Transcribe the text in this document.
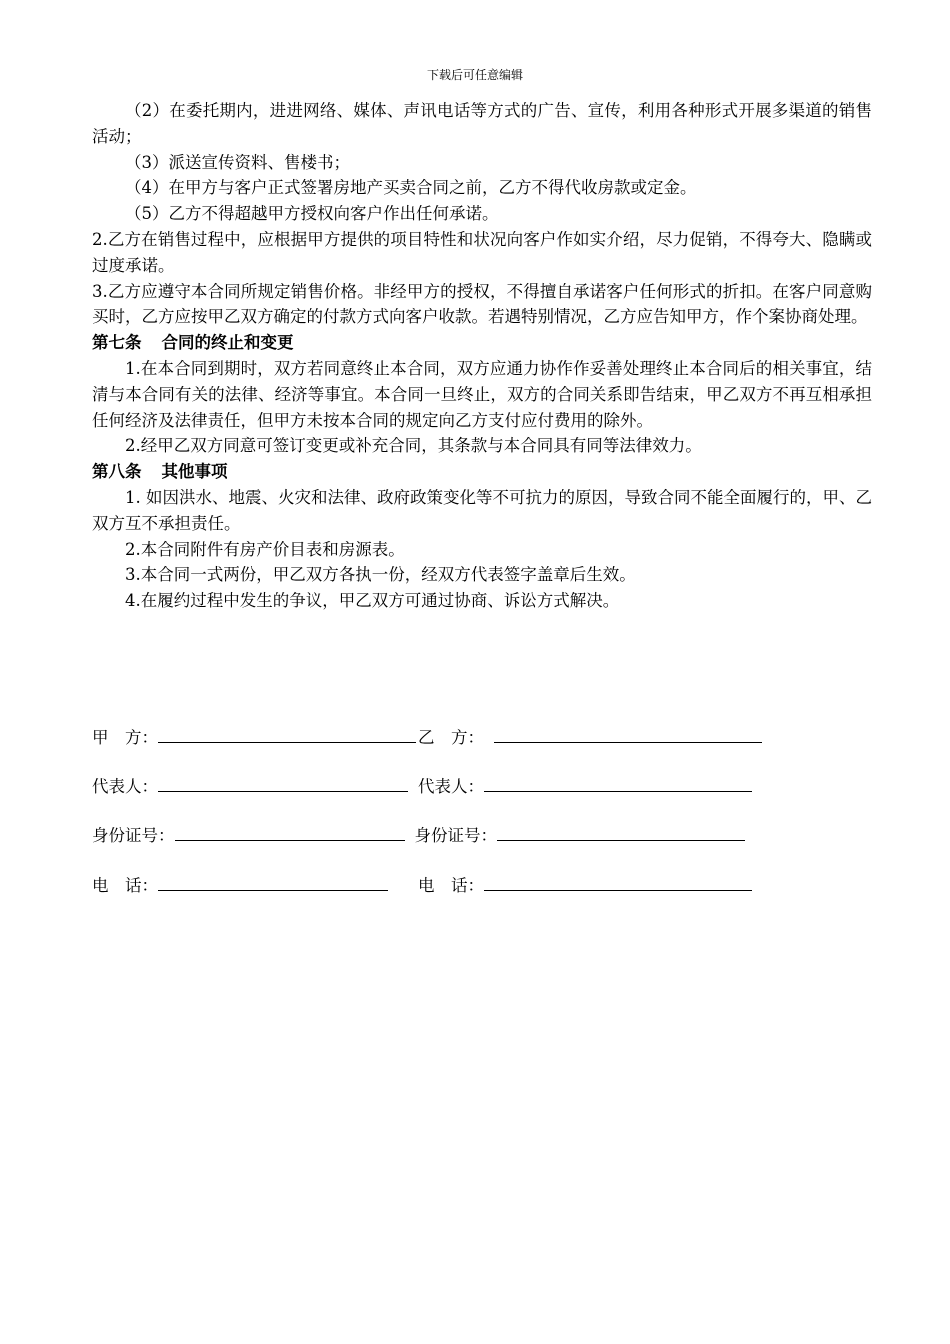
下载后可任意编辑

（2）在委托期内，进进网络、媒体、声讯电话等方式的广告、宣传，利用各种形式开展多渠道的销售活动；

（3）派送宣传资料、售楼书；

（4）在甲方与客户正式签署房地产买卖合同之前，乙方不得代收房款或定金。

（5）乙方不得超越甲方授权向客户作出任何承诺。

2.乙方在销售过程中，应根据甲方提供的项目特性和状况向客户作如实介绍，尽力促销，不得夸大、隐瞒或过度承诺。

3.乙方应遵守本合同所规定销售价格。非经甲方的授权，不得擅自承诺客户任何形式的折扣。在客户同意购买时，乙方应按甲乙双方确定的付款方式向客户收款。若遇特别情况，乙方应告知甲方，作个案协商处理。

第七条 合同的终止和变更

1.在本合同到期时，双方若同意终止本合同，双方应通力协作作妥善处理终止本合同后的相关事宜，结清与本合同有关的法律、经济等事宜。本合同一旦终止，双方的合同关系即告结束，甲乙双方不再互相承担任何经济及法律责任，但甲方未按本合同的规定向乙方支付应付费用的除外。

2.经甲乙双方同意可签订变更或补充合同，其条款与本合同具有同等法律效力。

第八条 其他事项

1. 如因洪水、地震、火灾和法律、政府政策变化等不可抗力的原因，导致合同不能全面履行的，甲、乙双方互不承担责任。

2.本合同附件有房产价目表和房源表。

3.本合同一式两份，甲乙双方各执一份，经双方代表签字盖章后生效。

4.在履约过程中发生的争议，甲乙双方可通过协商、诉讼方式解决。

甲　方：	乙　方：
代表人：	代表人：
身份证号：	身份证号：
电　话：	电　话：
